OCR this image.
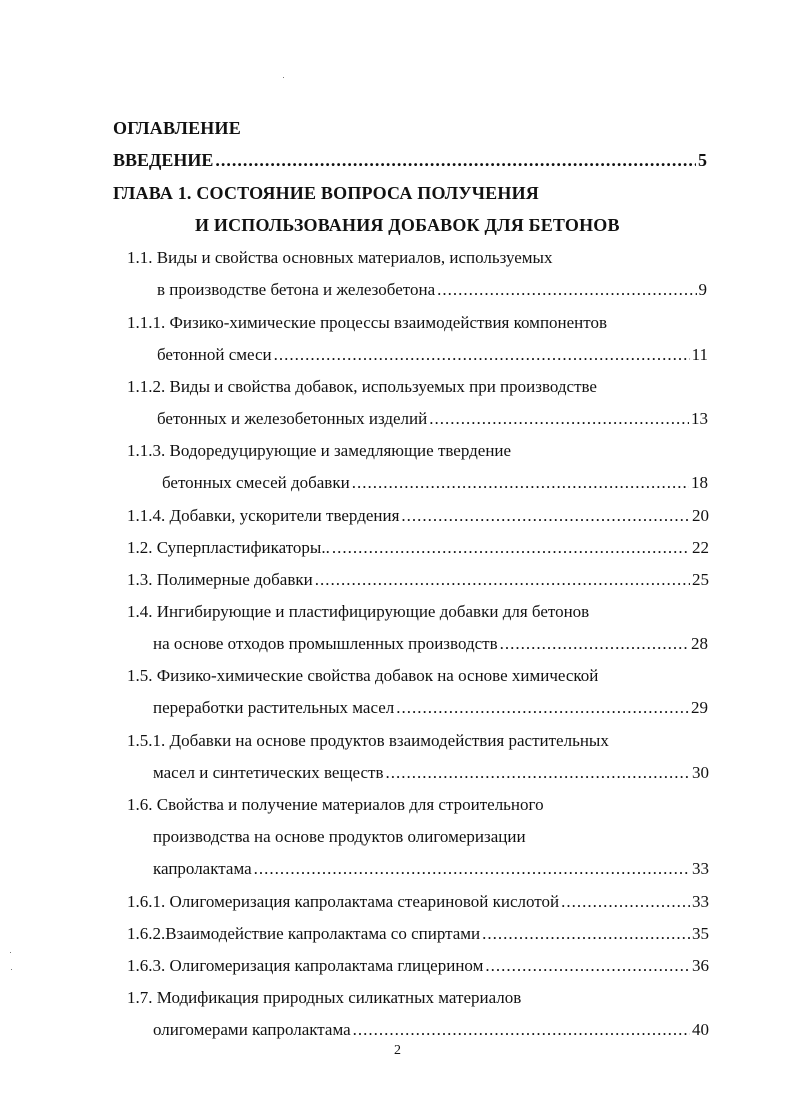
ОГЛАВЛЕНИЕ
ВВЕДЕНИЕ .....	5
ГЛАВА 1. СОСТОЯНИЕ ВОПРОСА ПОЛУЧЕНИЯ
И ИСПОЛЬЗОВАНИЯ ДОБАВОК ДЛЯ БЕТОНОВ
1.1. Виды и свойства основных материалов, используемых
в производстве бетона и железобетона .....	9
1.1.1. Физико-химические процессы взаимодействия компонентов
бетонной смеси .....	11
1.1.2. Виды и свойства добавок, используемых при производстве
бетонных и железобетонных изделий .....	13
1.1.3. Водоредуцирующие и замедляющие твердение
бетонных смесей добавки .....	18
1.1.4. Добавки, ускорители твердения .....	20
1.2. Суперпластификаторы.. .....	22
1.3. Полимерные добавки .....	25
1.4. Ингибирующие и пластифицирующие добавки для бетонов
на основе отходов промышленных производств .....	28
1.5. Физико-химические свойства добавок на основе химической
переработки растительных масел .....	29
1.5.1. Добавки на основе продуктов взаимодействия растительных
масел и синтетических веществ .....	30
1.6. Свойства и получение материалов для строительного
производства на основе продуктов олигомеризации
капролактама .....	33
1.6.1. Олигомеризация капролактама стеариновой кислотой .....	33
1.6.2.Взаимодействие капролактама со спиртами .....	35
1.6.3. Олигомеризация капролактама глицерином .....	36
1.7. Модификация природных силикатных материалов
олигомерами капролактама .....	40
2
